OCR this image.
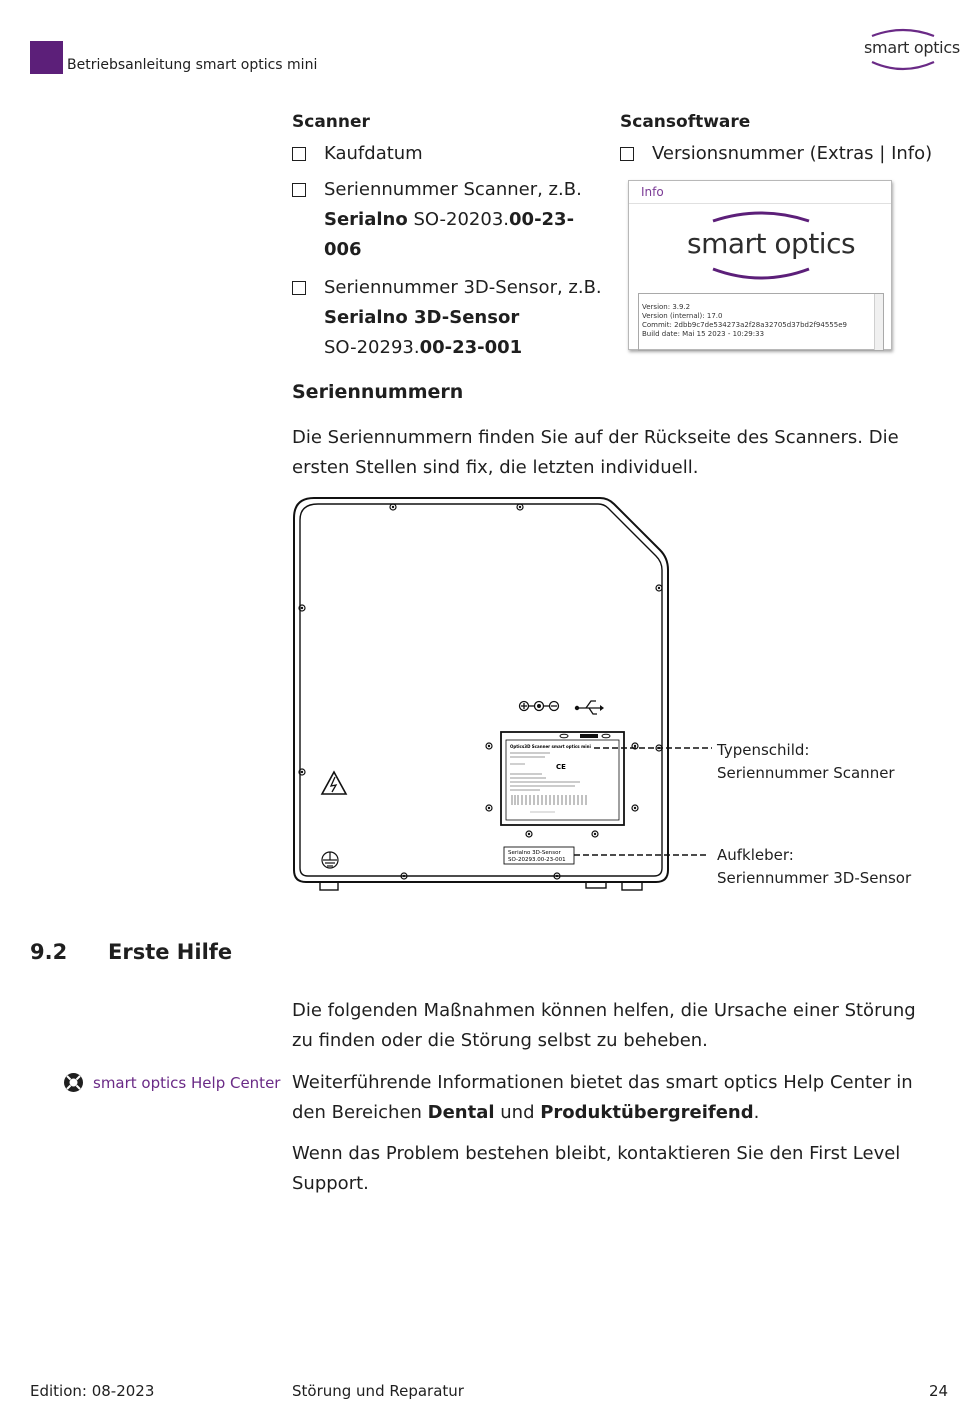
Betriebsanleitung smart optics mini
smart optics
Scanner
Kaufdatum
Seriennummer Scanner, z.B.
Serialno SO-20203.00-23-006
Seriennummer 3D-Sensor, z.B.
Serialno 3D-Sensor
SO-20293.00-23-001
Scansoftware
Versionsnummer (Extras | Info)
Info
smart optics
Version: 3.9.2
Version (internal): 17.0
Commit: 2dbb9c7de534273a2f28a32705d37bd2f94555e9
Build date: Mai 15 2023 - 10:29:33
Seriennummern
Die Seriennummern finden Sie auf der Rückseite des Scanners. Die ersten Stellen sind fix, die letzten individuell.
Optics3D Scanner smart optics mini
CE
Serialno 3D-Sensor
SO-20293.00-23-001
Typenschild:
Seriennummer Scanner
Aufkleber:
Seriennummer 3D-Sensor
9.2 Erste Hilfe
Die folgenden Maßnahmen können helfen, die Ursache einer Störung zu finden oder die Störung selbst zu beheben.
smart optics Help Center Weiterführende Informationen bietet das smart optics Help Center in den Bereichen Dental und Produktübergreifend.
Wenn das Problem bestehen bleibt, kontaktieren Sie den First Level Support.
Edition: 08-2023	Störung und Reparatur	24
